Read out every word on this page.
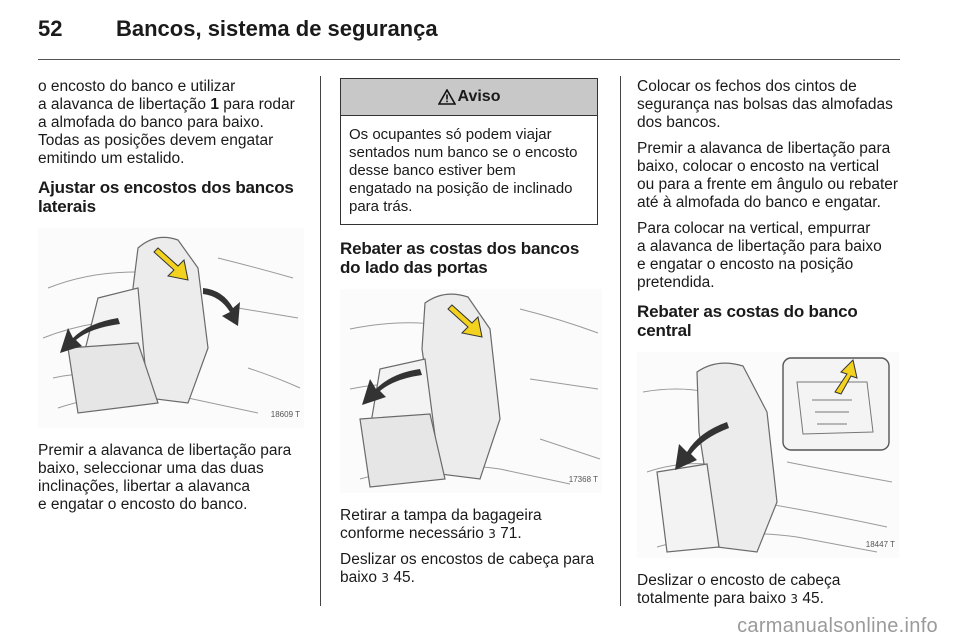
52 Bancos, sistema de segurança

o encosto do banco e utilizar
a alavanca de libertação 1 para rodar
a almofada do banco para baixo.
Todas as posições devem engatar
emitindo um estalido.

Ajustar os encostos dos bancos laterais
18609 T

Premir a alavanca de libertação para
baixo, seleccionar uma das duas
inclinações, libertar a alavanca
e engatar o encosto do banco.

Aviso
Os ocupantes só podem viajar
sentados num banco se o encosto
desse banco estiver bem
engatado na posição de inclinado
para trás.
Rebater as costas dos bancos do lado das portas
17368 T

Retirar a tampa da bagageira
conforme necessário 3 71.

Deslizar os encostos de cabeça para
baixo 3 45.

Colocar os fechos dos cintos de
segurança nas bolsas das almofadas
dos bancos.

Premir a alavanca de libertação para
baixo, colocar o encosto na vertical
ou para a frente em ângulo ou rebater
até à almofada do banco e engatar.

Para colocar na vertical, empurrar
a alavanca de libertação para baixo
e engatar o encosto na posição
pretendida.

Rebater as costas do banco central
18447 T

Deslizar o encosto de cabeça
totalmente para baixo 3 45.

carmanualsonline.info
